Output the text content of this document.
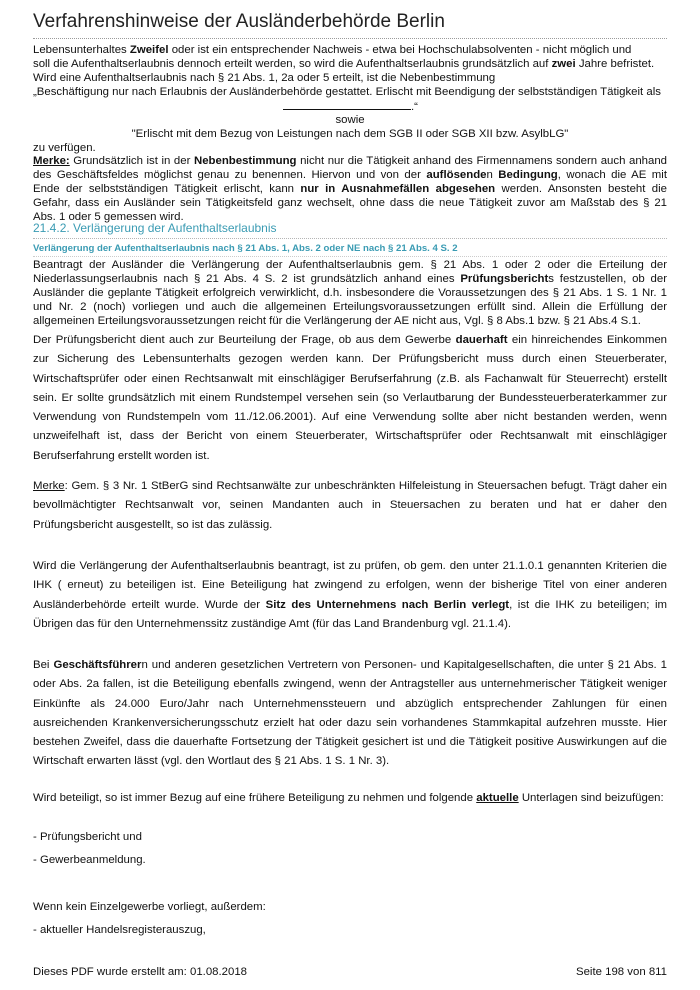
Verfahrenshinweise der Ausländerbehörde Berlin
Lebensunterhaltes Zweifel oder ist ein entsprechender Nachweis - etwa bei Hochschulabsolventen - nicht möglich und
soll die Aufenthaltserlaubnis dennoch erteilt werden, so wird die Aufenthaltserlaubnis grundsätzlich auf zwei Jahre befristet.
Wird eine Aufenthaltserlaubnis nach § 21 Abs. 1, 2a oder 5 erteilt, ist die Nebenbestimmung
„Beschäftigung nur nach Erlaubnis der Ausländerbehörde gestattet. Erlischt mit Beendigung der selbstständigen Tätigkeit als
.“
sowie
"Erlischt mit dem Bezug von Leistungen nach dem SGB II oder SGB XII bzw. AsylbLG"
zu verfügen.
Merke: Grundsätzlich ist in der Nebenbestimmung nicht nur die Tätigkeit anhand des Firmennamens sondern auch anhand
des Geschäftsfeldes möglichst genau zu benennen. Hiervon und von der auflösenden Bedingung, wonach die AE mit
Ende der selbstständigen Tätigkeit erlischt, kann nur in Ausnahmefällen abgesehen werden. Ansonsten besteht die
Gefahr, dass ein Ausländer sein Tätigkeitsfeld ganz wechselt, ohne dass die neue Tätigkeit zuvor am Maßstab des § 21
Abs. 1 oder 5 gemessen wird.
21.4.2. Verlängerung der Aufenthaltserlaubnis
Verlängerung der Aufenthaltserlaubnis nach § 21 Abs. 1, Abs. 2 oder NE nach § 21 Abs. 4 S. 2
Beantragt der Ausländer die Verlängerung der Aufenthaltserlaubnis gem. § 21 Abs. 1 oder 2 oder die Erteilung der
Niederlassungserlaubnis nach § 21 Abs. 4 S. 2 ist grundsätzlich anhand eines Prüfungsberichts festzustellen, ob der
Ausländer die geplante Tätigkeit erfolgreich verwirklicht, d.h. insbesondere die Voraussetzungen des § 21 Abs. 1 S. 1 Nr. 1
und Nr. 2 (noch) vorliegen und auch die allgemeinen Erteilungsvoraussetzungen erfüllt sind. Allein die Erfüllung der
allgemeinen Erteilungsvoraussetzungen reicht für die Verlängerung der AE nicht aus, Vgl. § 8 Abs.1 bzw. § 21 Abs.4 S.1.
Der Prüfungsbericht dient auch zur Beurteilung der Frage, ob aus dem Gewerbe dauerhaft ein hinreichendes Einkommen zur Sicherung des Lebensunterhalts gezogen werden kann. Der Prüfungsbericht muss durch einen Steuerberater, Wirtschaftsprüfer oder einen Rechtsanwalt mit einschlägiger Berufserfahrung (z.B. als Fachanwalt für Steuerrecht) erstellt sein. Er sollte grundsätzlich mit einem Rundstempel versehen sein (so Verlautbarung der Bundessteuerberaterkammer zur Verwendung von Rundstempeln vom 11./12.06.2001). Auf eine Verwendung sollte aber nicht bestanden werden, wenn unzweifelhaft ist, dass der Bericht von einem Steuerberater, Wirtschaftsprüfer oder Rechtsanwalt mit einschlägiger Berufserfahrung erstellt worden ist.
Merke: Gem. § 3 Nr. 1 StBerG sind Rechtsanwälte zur unbeschränkten Hilfeleistung in Steuersachen befugt. Trägt daher ein bevollmächtigter Rechtsanwalt vor, seinen Mandanten auch in Steuersachen zu beraten und hat er daher den Prüfungsbericht ausgestellt, so ist das zulässig.
Wird die Verlängerung der Aufenthaltserlaubnis beantragt, ist zu prüfen, ob gem. den unter 21.1.0.1 genannten Kriterien die IHK ( erneut) zu beteiligen ist. Eine Beteiligung hat zwingend zu erfolgen, wenn der bisherige Titel von einer anderen Ausländerbehörde erteilt wurde. Wurde der Sitz des Unternehmens nach Berlin verlegt, ist die IHK zu beteiligen; im Übrigen das für den Unternehmenssitz zuständige Amt (für das Land Brandenburg vgl. 21.1.4).
Bei Geschäftsführern und anderen gesetzlichen Vertretern von Personen- und Kapitalgesellschaften, die unter § 21 Abs. 1 oder Abs. 2a fallen, ist die Beteiligung ebenfalls zwingend, wenn der Antragsteller aus unternehmerischer Tätigkeit weniger Einkünfte als 24.000 Euro/Jahr nach Unternehmenssteuern und abzüglich entsprechender Zahlungen für einen ausreichenden Krankenversicherungsschutz erzielt hat oder dazu sein vorhandenes Stammkapital aufzehren musste. Hier bestehen Zweifel, dass die dauerhafte Fortsetzung der Tätigkeit gesichert ist und die Tätigkeit positive Auswirkungen auf die Wirtschaft erwarten lässt (vgl. den Wortlaut des § 21 Abs. 1 S. 1 Nr. 3).
Wird beteiligt, so ist immer Bezug auf eine frühere Beteiligung zu nehmen und folgende aktuelle Unterlagen sind beizufügen:
- Prüfungsbericht und
- Gewerbeanmeldung.
Wenn kein Einzelgewerbe vorliegt, außerdem:
- aktueller Handelsregisterauszug,
Dieses PDF wurde erstellt am: 01.08.2018	Seite 198 von 811
